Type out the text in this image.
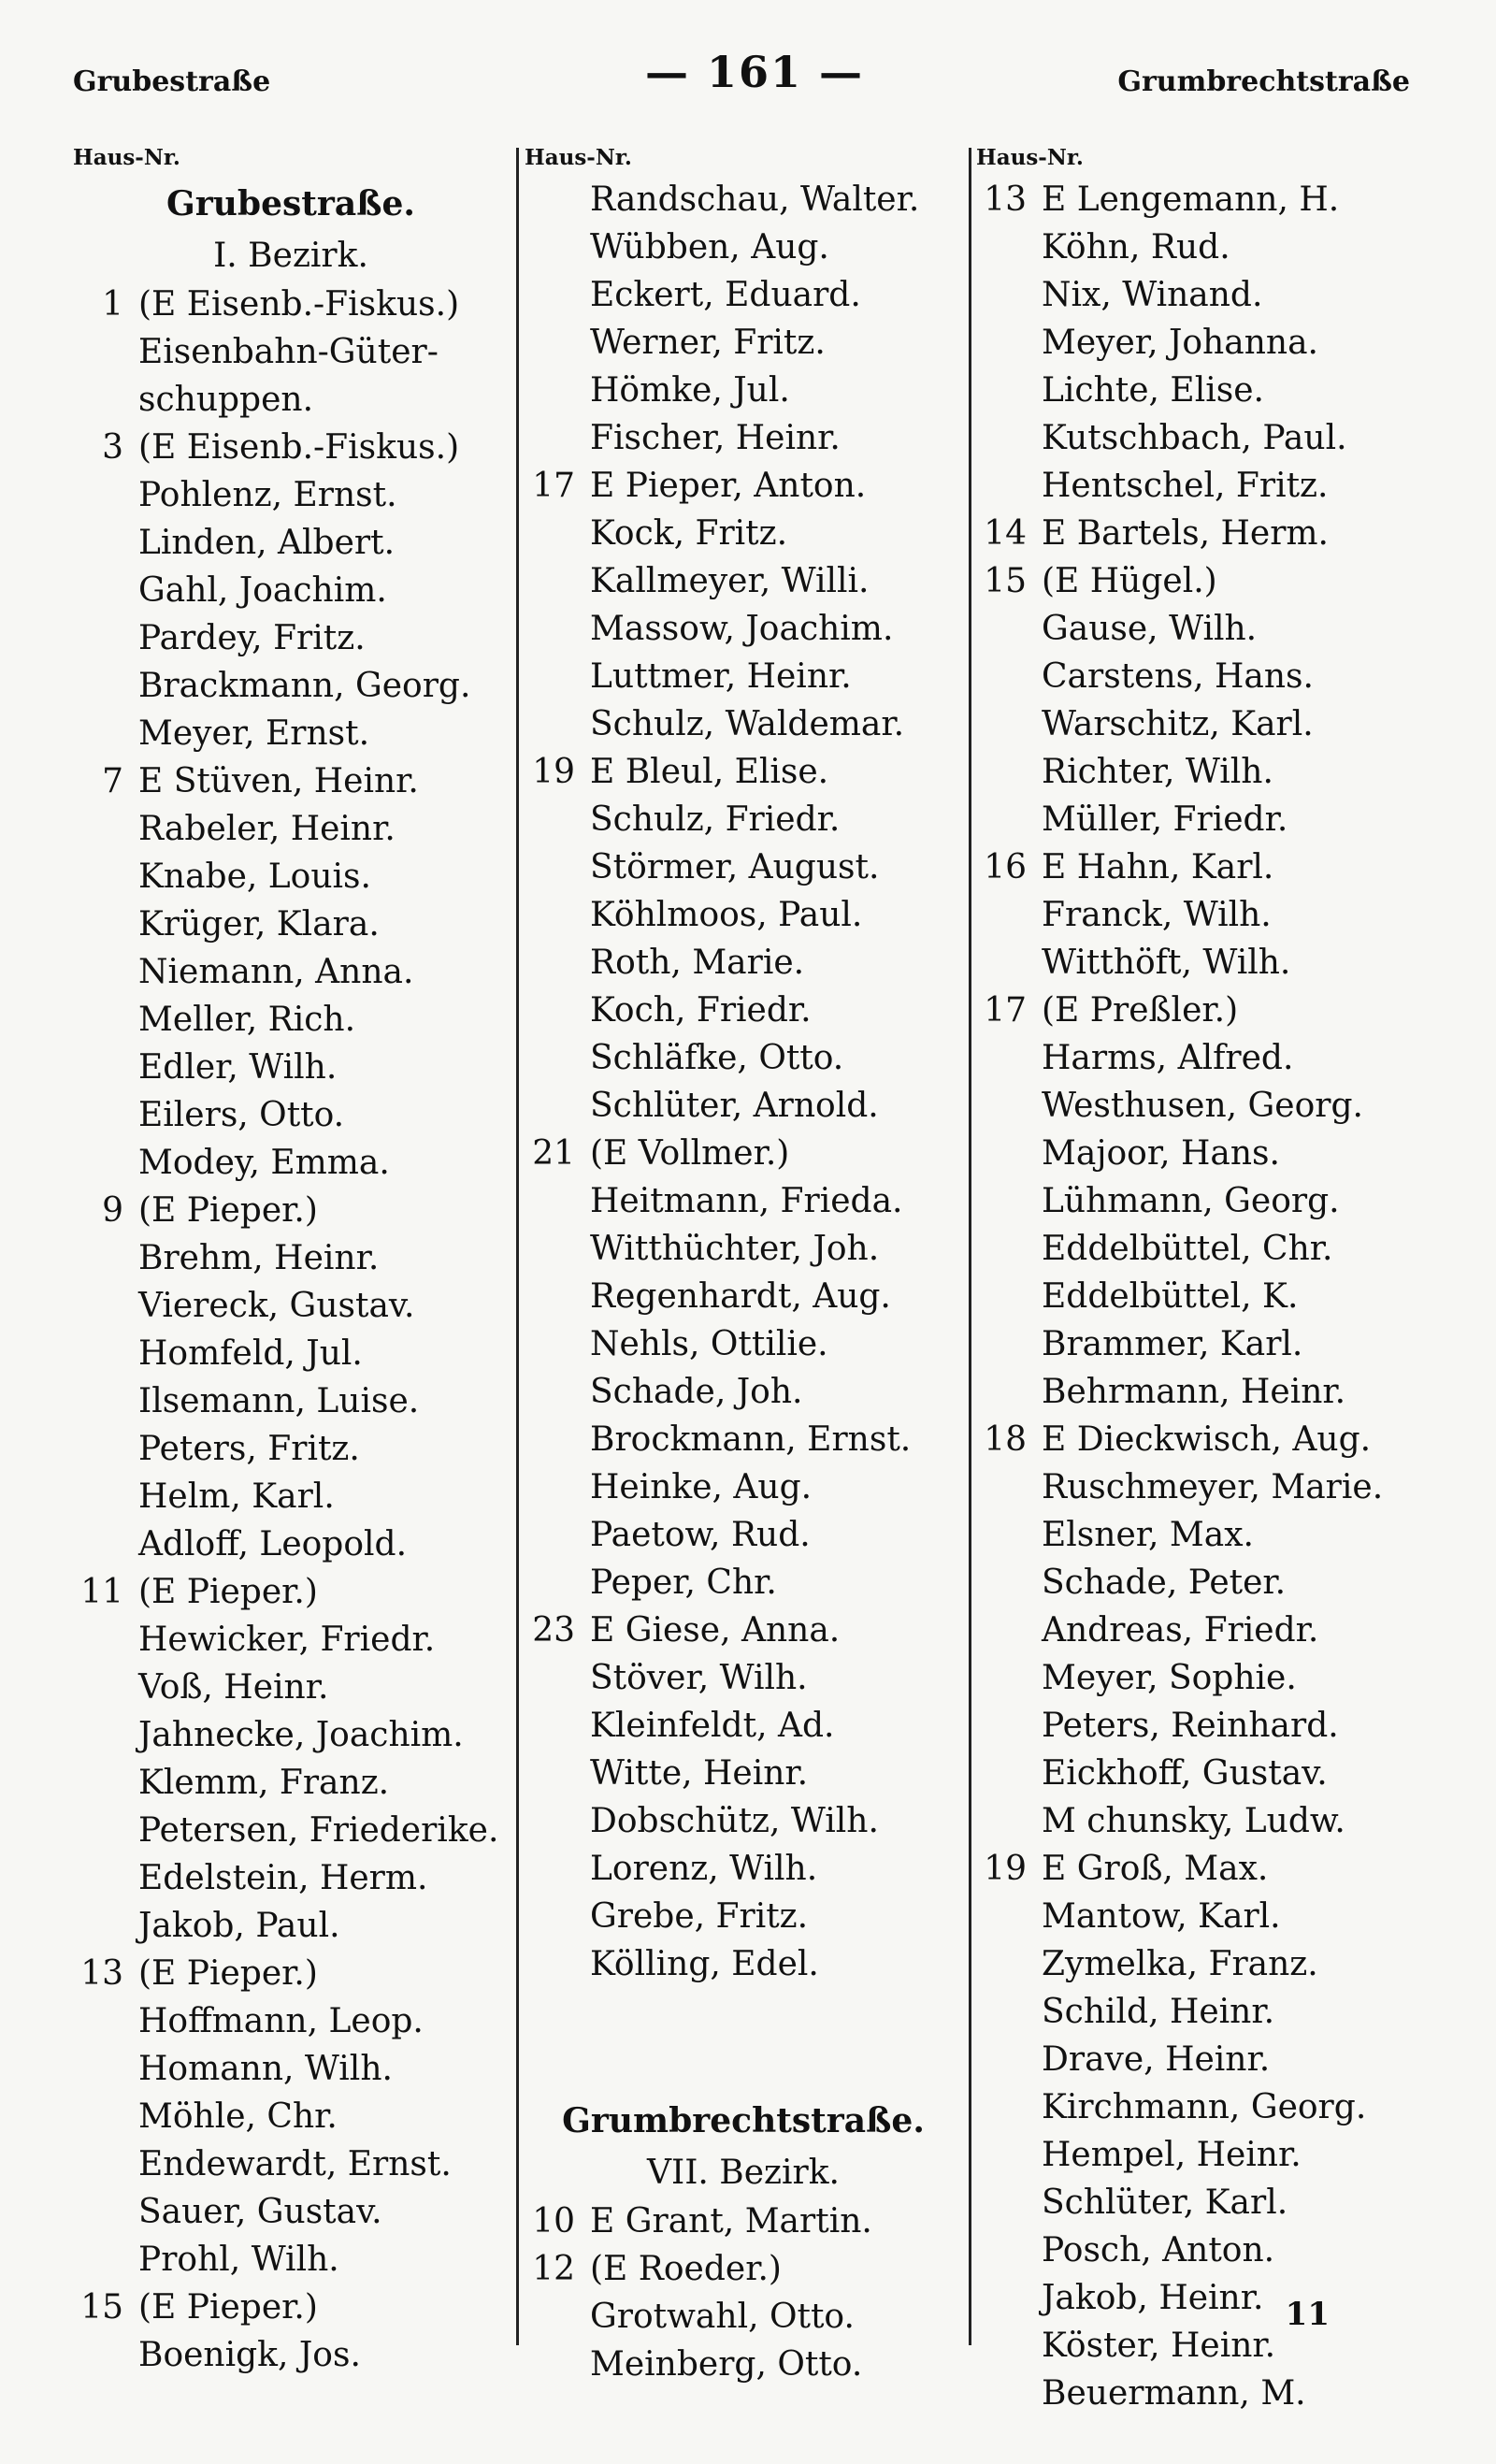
Grubestraße	— 161 —	Grumbrechtstraße
Haus-Nr.
Grubestraße.
I. Bezirk.
1 (E Eisenb.-Fiskus.)
Eisenbahn-Güter-
schuppen.
3 (E Eisenb.-Fiskus.)
Pohlenz, Ernst.
Linden, Albert.
Gahl, Joachim.
Pardey, Fritz.
Brackmann, Georg.
Meyer, Ernst.
7 E Stüven, Heinr.
Rabeler, Heinr.
Knabe, Louis.
Krüger, Klara.
Niemann, Anna.
Meller, Rich.
Edler, Wilh.
Eilers, Otto.
Modey, Emma.
9 (E Pieper.)
Brehm, Heinr.
Viereck, Gustav.
Homfeld, Jul.
Ilsemann, Luise.
Peters, Fritz.
Helm, Karl.
Adloff, Leopold.
11 (E Pieper.)
Hewicker, Friedr.
Voß, Heinr.
Jahnecke, Joachim.
Klemm, Franz.
Petersen, Friederike.
Edelstein, Herm.
Jakob, Paul.
13 (E Pieper.)
Hoffmann, Leop.
Homann, Wilh.
Möhle, Chr.
Endewardt, Ernst.
Sauer, Gustav.
Prohl, Wilh.
15 (E Pieper.)
Boenigk, Jos.
Haus-Nr.
Randschau, Walter.
Wübben, Aug.
Eckert, Eduard.
Werner, Fritz.
Hömke, Jul.
Fischer, Heinr.
17 E Pieper, Anton.
Kock, Fritz.
Kallmeyer, Willi.
Massow, Joachim.
Luttmer, Heinr.
Schulz, Waldemar.
19 E Bleul, Elise.
Schulz, Friedr.
Störmer, August.
Köhlmoos, Paul.
Roth, Marie.
Koch, Friedr.
Schläfke, Otto.
Schlüter, Arnold.
21 (E Vollmer.)
Heitmann, Frieda.
Witthüchter, Joh.
Regenhardt, Aug.
Nehls, Ottilie.
Schade, Joh.
Brockmann, Ernst.
Heinke, Aug.
Paetow, Rud.
Peper, Chr.
23 E Giese, Anna.
Stöver, Wilh.
Kleinfeldt, Ad.
Witte, Heinr.
Dobschütz, Wilh.
Lorenz, Wilh.
Grebe, Fritz.
Kölling, Edel.
Grumbrechtstraße.
VII. Bezirk.
10 E Grant, Martin.
12 (E Roeder.)
Grotwahl, Otto.
Meinberg, Otto.
Haus-Nr.
13 E Lengemann, H.
Köhn, Rud.
Nix, Winand.
Meyer, Johanna.
Lichte, Elise.
Kutschbach, Paul.
Hentschel, Fritz.
14 E Bartels, Herm.
15 (E Hügel.)
Gause, Wilh.
Carstens, Hans.
Warschitz, Karl.
Richter, Wilh.
Müller, Friedr.
16 E Hahn, Karl.
Franck, Wilh.
Witthöft, Wilh.
17 (E Preßler.)
Harms, Alfred.
Westhusen, Georg.
Majoor, Hans.
Lühmann, Georg.
Eddelbüttel, Chr.
Eddelbüttel, K.
Brammer, Karl.
Behrmann, Heinr.
18 E Dieckwisch, Aug.
Ruschmeyer, Marie.
Elsner, Max.
Schade, Peter.
Andreas, Friedr.
Meyer, Sophie.
Peters, Reinhard.
Eickhoff, Gustav.
M chunsky, Ludw.
19 E Groß, Max.
Mantow, Karl.
Zymelka, Franz.
Schild, Heinr.
Drave, Heinr.
Kirchmann, Georg.
Hempel, Heinr.
Schlüter, Karl.
Posch, Anton.
Jakob, Heinr.
Köster, Heinr.
Beuermann, M.
11
